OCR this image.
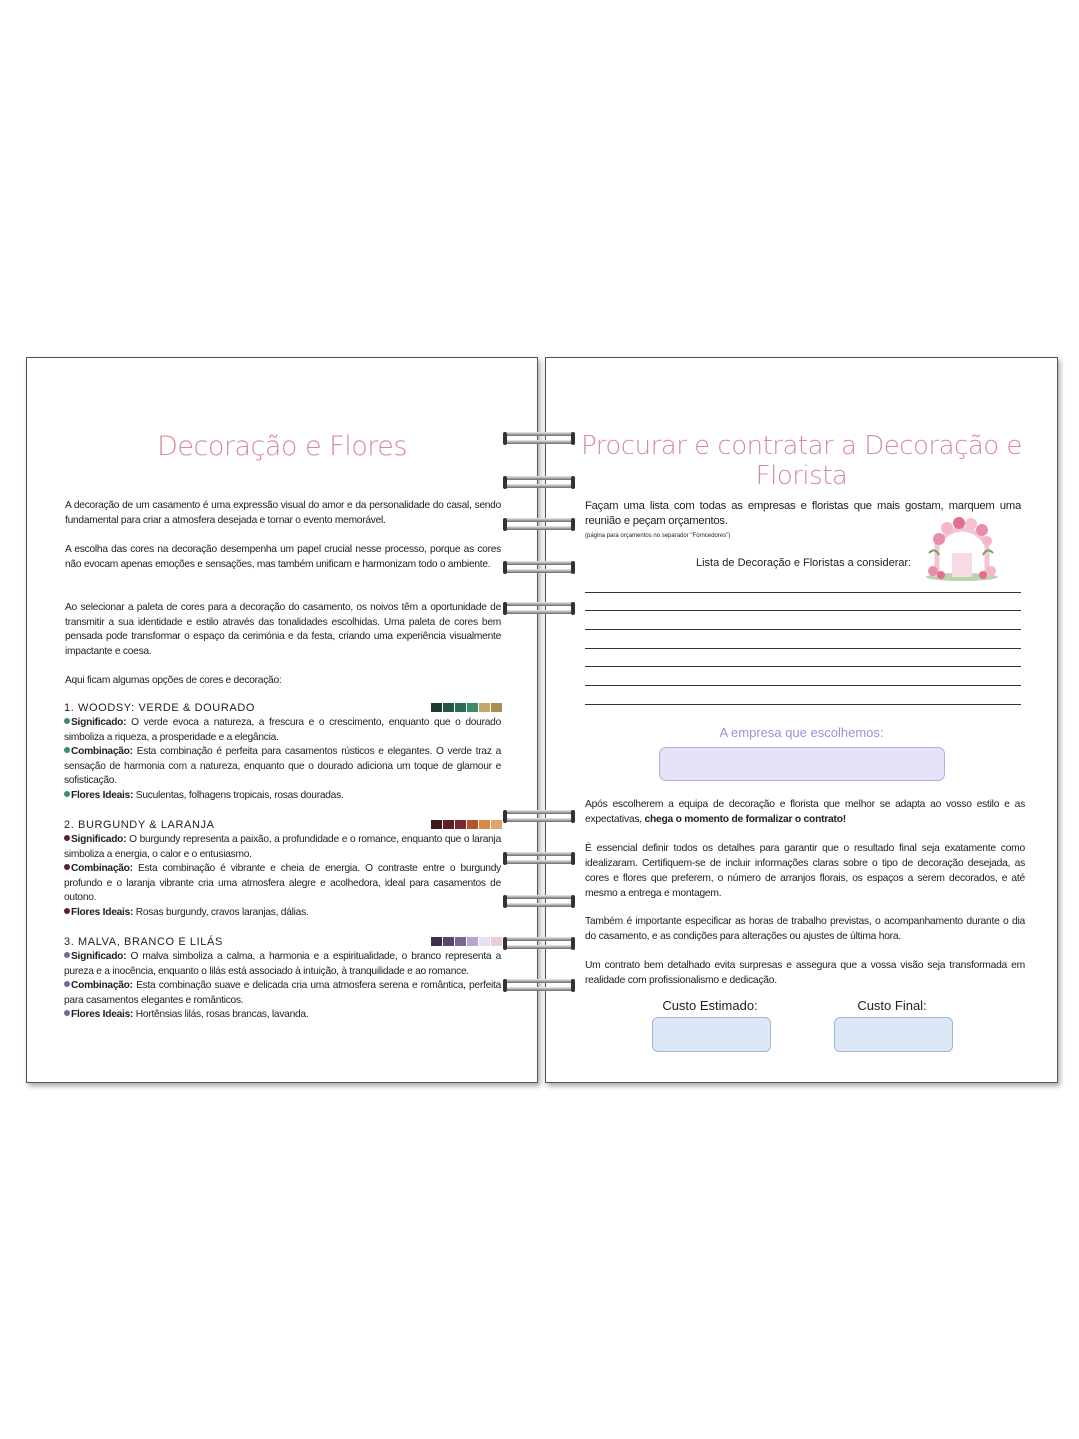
Decoração e Flores

A decoração de um casamento é uma expressão visual do amor e da personalidade do casal, sendo fundamental para criar a atmosfera desejada e tornar o evento memorável.

A escolha das cores na decoração desempenha um papel crucial nesse processo, porque as cores não evocam apenas emoções e sensações, mas também unificam e harmonizam todo o ambiente.

Ao selecionar a paleta de cores para a decoração do casamento, os noivos têm a oportunidade de transmitir a sua identidade e estilo através das tonalidades escolhidas. Uma paleta de cores bem pensada pode transformar o espaço da cerimónia e da festa, criando uma experiência visualmente impactante e coesa.

Aqui ficam algumas opções de cores e decoração:

1. WOODSY: VERDE & DOURADO

Significado: O verde evoca a natureza, a frescura e o crescimento, enquanto que o dourado simboliza a riqueza, a prosperidade e a elegância.
Combinação: Esta combinação é perfeita para casamentos rústicos e elegantes. O verde traz a sensação de harmonia com a natureza, enquanto que o dourado adiciona um toque de glamour e sofisticação.
Flores Ideais: Suculentas, folhagens tropicais, rosas douradas.

2. BURGUNDY & LARANJA

Significado: O burgundy representa a paixão, a profundidade e o romance, enquanto que o laranja simboliza a energia, o calor e o entusiasmo.
Combinação: Esta combinação é vibrante e cheia de energia. O contraste entre o burgundy profundo e o laranja vibrante cria uma atmosfera alegre e acolhedora, ideal para casamentos de outono.
Flores Ideais: Rosas burgundy, cravos laranjas, dálias.

3. MALVA, BRANCO E LILÁS

Significado: O malva simboliza a calma, a harmonia e a espiritualidade, o branco representa a pureza e a inocência, enquanto o lilás está associado à intuição, à tranquilidade e ao romance.
Combinação: Esta combinação suave e delicada cria uma atmosfera serena e romântica, perfeita para casamentos elegantes e românticos.
Flores Ideais: Hortênsias lilás, rosas brancas, lavanda.

Procurar e contratar a Decoração e Florista

Façam uma lista com todas as empresas e floristas que mais gostam, marquem uma reunião e peçam orçamentos.

(página para orçamentos no separador "Forncedores")
Lista de Decoração e Floristas a considerar:
A empresa que escolhemos:

Após escolherem a equipa de decoração e florista que melhor se adapta ao vosso estilo e as expectativas, chega o momento de formalizar o contrato!

É essencial definir todos os detalhes para garantir que o resultado final seja exatamente como idealizaram. Certifiquem-se de incluir informações claras sobre o tipo de decoração desejada, as cores e flores que preferem, o número de arranjos florais, os espaços a serem decorados, e até mesmo a entrega e montagem.

Também é importante especificar as horas de trabalho previstas, o acompanhamento durante o dia do casamento, e as condições para alterações ou ajustes de última hora.

Um contrato bem detalhado evita surpresas e assegura que a vossa visão seja transformada em realidade com profissionalismo e dedicação.

Custo Estimado:	Custo Final:
